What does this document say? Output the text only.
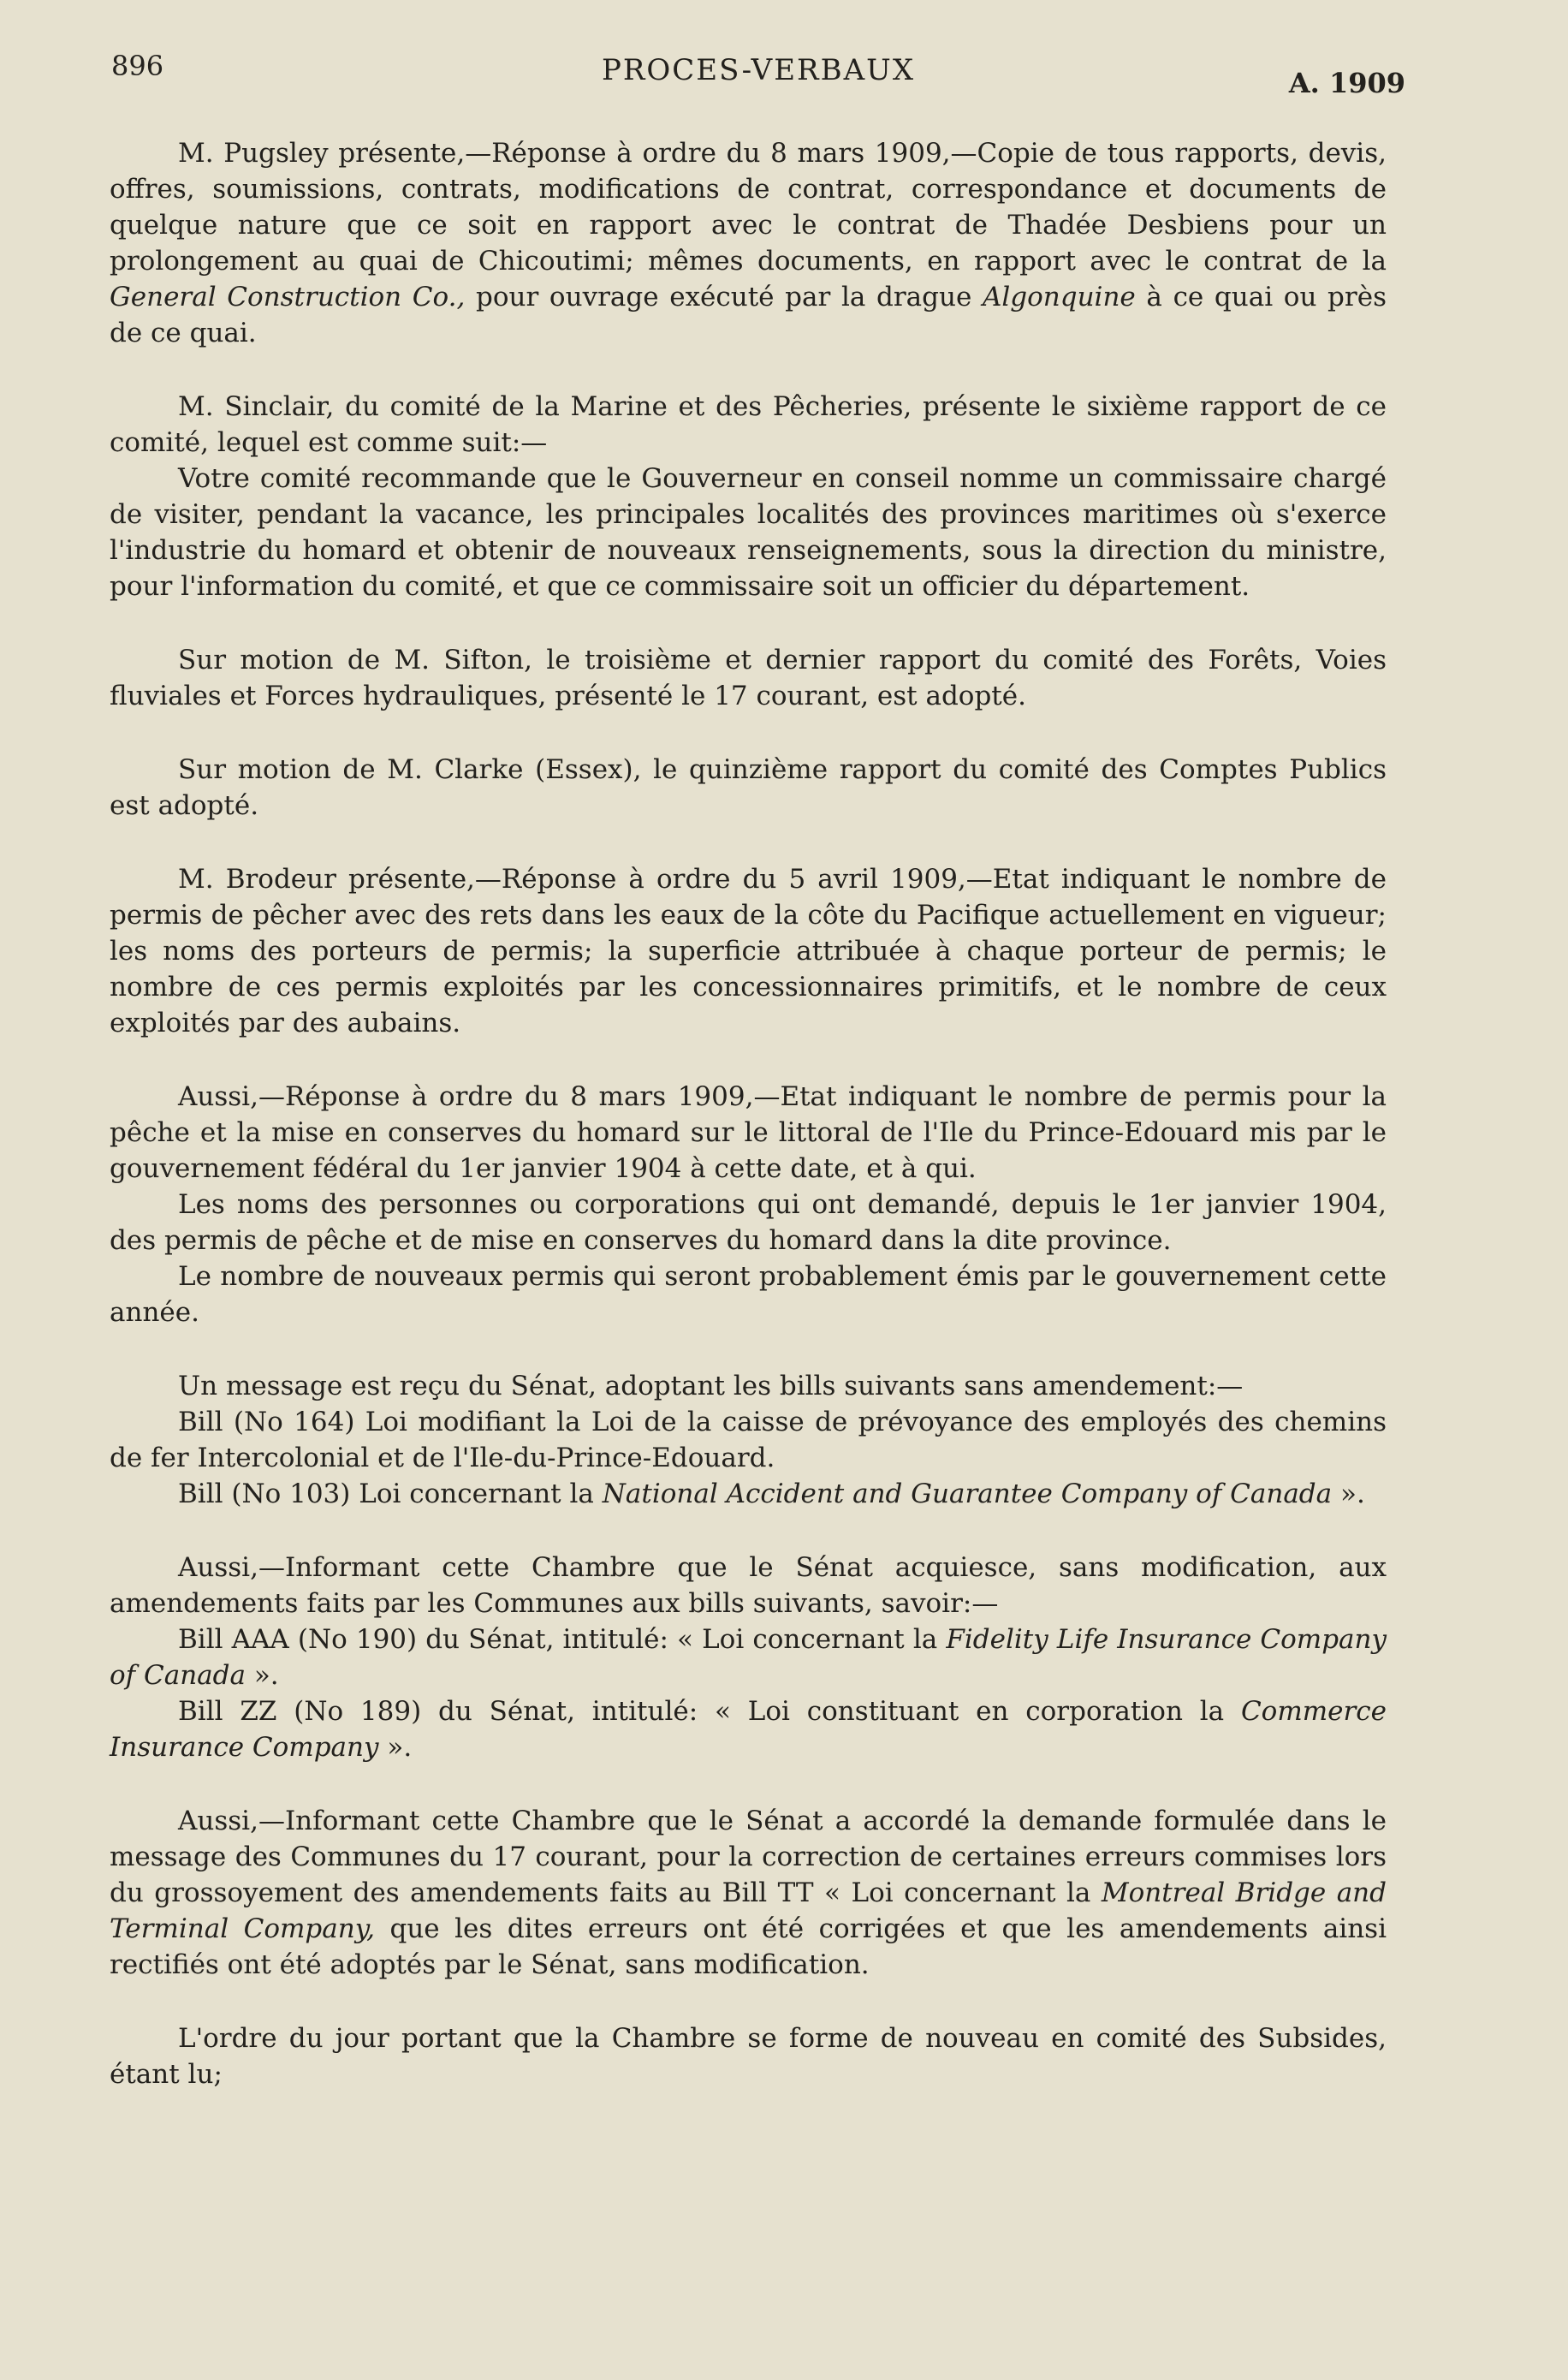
896	PROCES-VERBAUX	A. 1909

M. Pugsley présente,—Réponse à ordre du 8 mars 1909,—Copie de tous rapports, devis, offres, soumissions, contrats, modifications de contrat, correspondance et documents de quelque nature que ce soit en rapport avec le contrat de Thadée Desbiens pour un prolongement au quai de Chicoutimi; mêmes documents, en rapport avec le contrat de la General Construction Co., pour ouvrage exécuté par la drague Algonquine à ce quai ou près de ce quai.

M. Sinclair, du comité de la Marine et des Pêcheries, présente le sixième rapport de ce comité, lequel est comme suit:—

Votre comité recommande que le Gouverneur en conseil nomme un commissaire chargé de visiter, pendant la vacance, les principales localités des provinces maritimes où s'exerce l'industrie du homard et obtenir de nouveaux renseignements, sous la direction du ministre, pour l'information du comité, et que ce commissaire soit un officier du département.

Sur motion de M. Sifton, le troisième et dernier rapport du comité des Forêts, Voies fluviales et Forces hydrauliques, présenté le 17 courant, est adopté.

Sur motion de M. Clarke (Essex), le quinzième rapport du comité des Comptes Publics est adopté.

M. Brodeur présente,—Réponse à ordre du 5 avril 1909,—Etat indiquant le nombre de permis de pêcher avec des rets dans les eaux de la côte du Pacifique actuellement en vigueur; les noms des porteurs de permis; la superficie attribuée à chaque porteur de permis; le nombre de ces permis exploités par les concessionnaires primitifs, et le nombre de ceux exploités par des aubains.

Aussi,—Réponse à ordre du 8 mars 1909,—Etat indiquant le nombre de permis pour la pêche et la mise en conserves du homard sur le littoral de l'Ile du Prince-Edouard mis par le gouvernement fédéral du 1er janvier 1904 à cette date, et à qui.

Les noms des personnes ou corporations qui ont demandé, depuis le 1er janvier 1904, des permis de pêche et de mise en conserves du homard dans la dite province.

Le nombre de nouveaux permis qui seront probablement émis par le gouvernement cette année.

Un message est reçu du Sénat, adoptant les bills suivants sans amendement:—

Bill (No 164) Loi modifiant la Loi de la caisse de prévoyance des employés des chemins de fer Intercolonial et de l'Ile-du-Prince-Edouard.

Bill (No 103) Loi concernant la National Accident and Guarantee Company of Canada ».

Aussi,—Informant cette Chambre que le Sénat acquiesce, sans modification, aux amendements faits par les Communes aux bills suivants, savoir:—

Bill AAA (No 190) du Sénat, intitulé: « Loi concernant la Fidelity Life Insurance Company of Canada ».

Bill ZZ (No 189) du Sénat, intitulé: « Loi constituant en corporation la Commerce Insurance Company ».

Aussi,—Informant cette Chambre que le Sénat a accordé la demande formulée dans le message des Communes du 17 courant, pour la correction de certaines erreurs commises lors du grossoyement des amendements faits au Bill TT « Loi concernant la Montreal Bridge and Terminal Company, que les dites erreurs ont été corrigées et que les amendements ainsi rectifiés ont été adoptés par le Sénat, sans modification.

L'ordre du jour portant que la Chambre se forme de nouveau en comité des Subsides, étant lu;
